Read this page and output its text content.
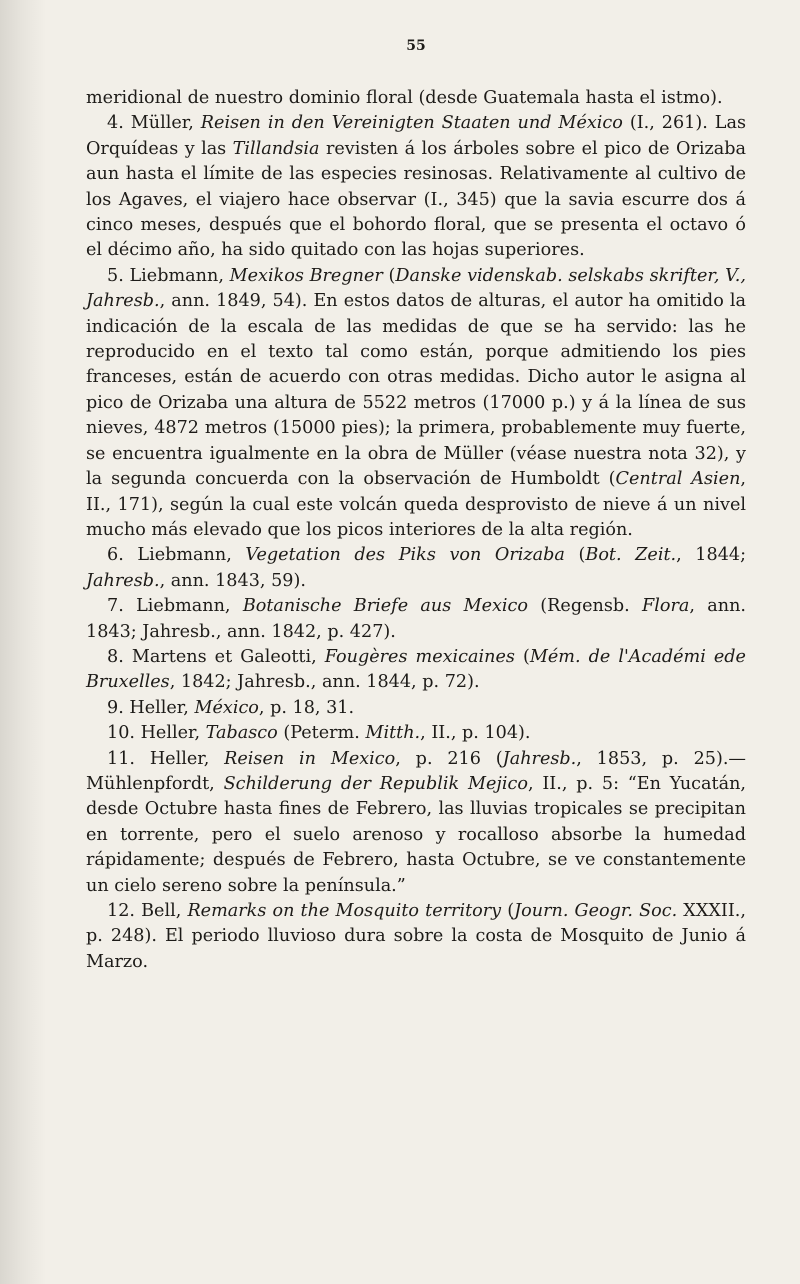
55

meridional de nuestro dominio floral (desde Guatemala hasta el istmo).

4. Müller, Reisen in den Vereinigten Staaten und México (I., 261). Las Orquídeas y las Tillandsia revisten á los árboles sobre el pico de Orizaba aun hasta el límite de las especies resinosas. Relativamente al cultivo de los Agaves, el viajero hace observar (I., 345) que la savia escurre dos á cinco meses, después que el bohordo floral, que se presenta el octavo ó el décimo año, ha sido quitado con las hojas superiores.

5. Liebmann, Mexikos Bregner (Danske videnskab. selskabs skrifter, V., Jahresb., ann. 1849, 54). En estos datos de alturas, el autor ha omitido la indicación de la escala de las medidas de que se ha servido: las he reproducido en el texto tal como están, porque admitiendo los pies franceses, están de acuerdo con otras medidas. Dicho autor le asigna al pico de Orizaba una altura de 5522 metros (17000 p.) y á la línea de sus nieves, 4872 metros (15000 pies); la primera, probablemente muy fuerte, se encuentra igualmente en la obra de Müller (véase nuestra nota 32), y la segunda concuerda con la observación de Humboldt (Central Asien, II., 171), según la cual este volcán queda desprovisto de nieve á un nivel mucho más elevado que los picos interiores de la alta región.

6. Liebmann, Vegetation des Piks von Orizaba (Bot. Zeit., 1844; Jahresb., ann. 1843, 59).

7. Liebmann, Botanische Briefe aus Mexico (Regensb. Flora, ann. 1843; Jahresb., ann. 1842, p. 427).

8. Martens et Galeotti, Fougères mexicaines (Mém. de l'Académi ede Bruxelles, 1842; Jahresb., ann. 1844, p. 72).

9. Heller, México, p. 18, 31.

10. Heller, Tabasco (Peterm. Mitth., II., p. 104).

11. Heller, Reisen in Mexico, p. 216 (Jahresb., 1853, p. 25).— Mühlenpfordt, Schilderung der Republik Mejico, II., p. 5: “En Yucatán, desde Octubre hasta fines de Febrero, las lluvias tropicales se precipitan en torrente, pero el suelo arenoso y rocalloso absorbe la humedad rápidamente; después de Febrero, hasta Octubre, se ve constantemente un cielo sereno sobre la península.”

12. Bell, Remarks on the Mosquito territory (Journ. Geogr. Soc. XXXII., p. 248). El periodo lluvioso dura sobre la costa de Mosquito de Junio á Marzo.
